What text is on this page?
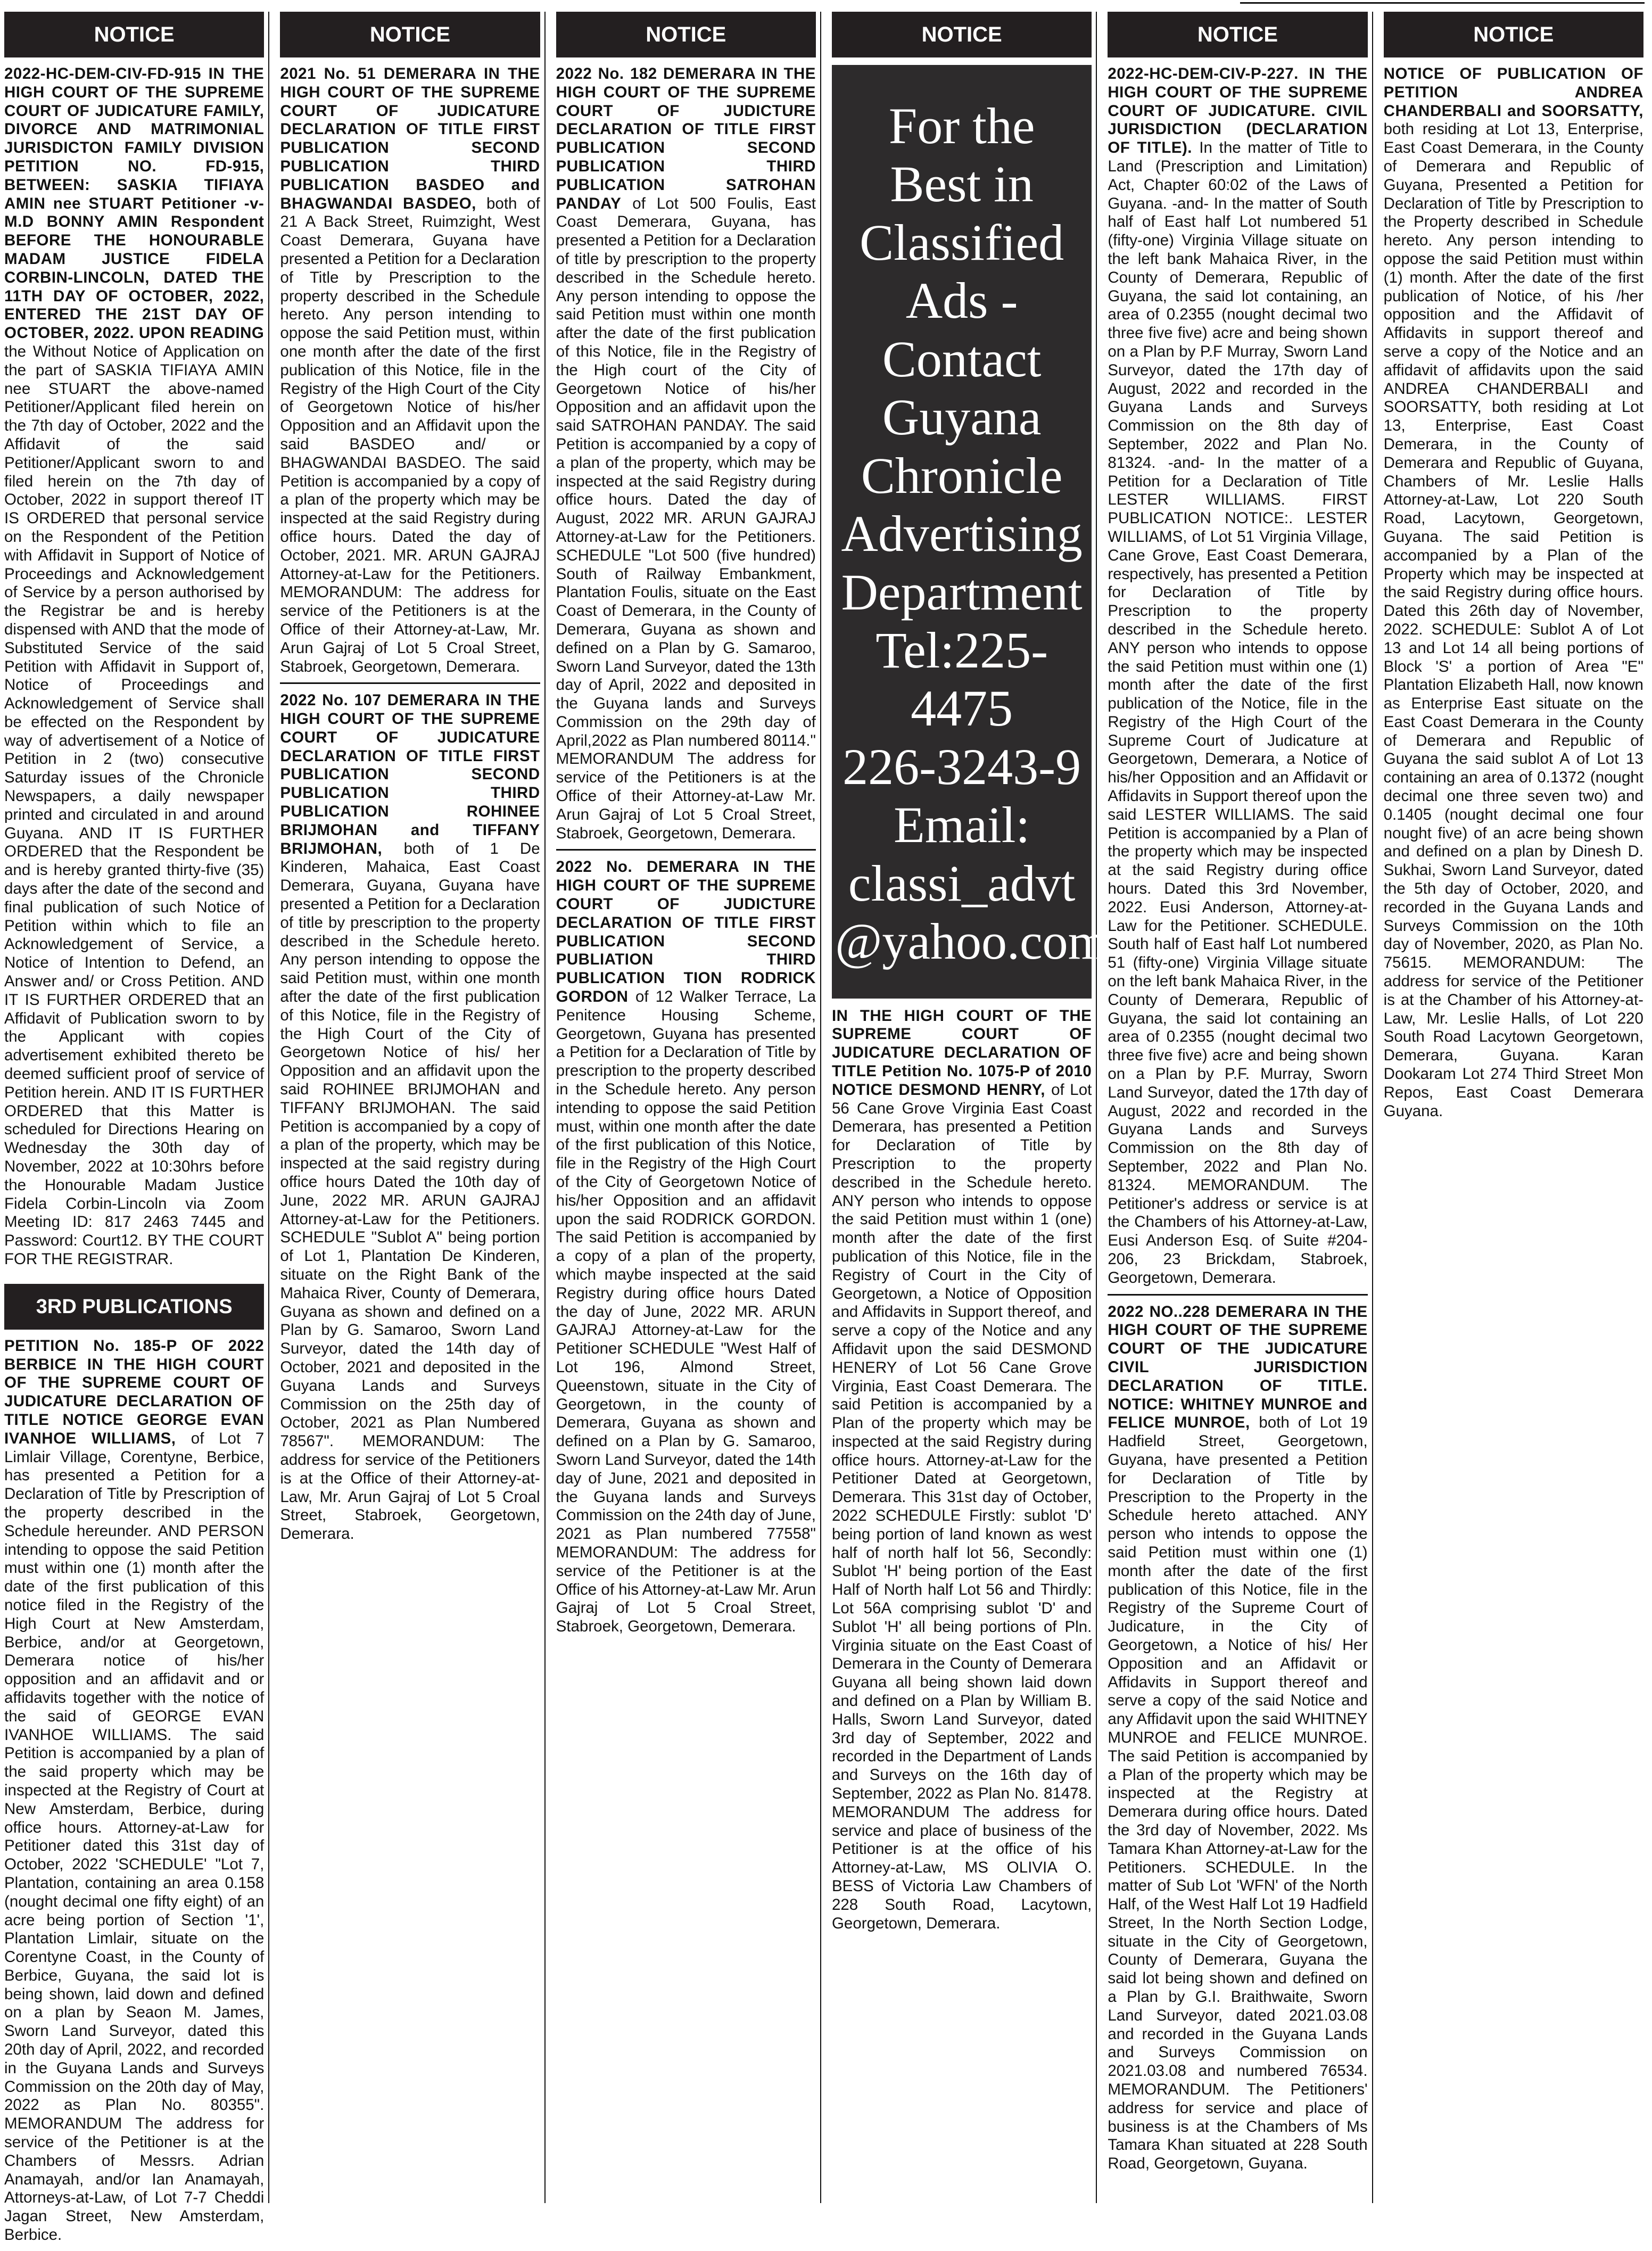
NOTICE
2022-HC-DEM-CIV-FD-915 IN THE HIGH COURT OF THE SUPREME COURT OF JUDICATURE FAMILY, DIVORCE AND MATRIMONIAL JURISDICTON FAMILY DIVISION PETITION NO. FD-915, BETWEEN: SASKIA TIFIAYA AMIN nee STUART Petitioner -v- M.D BONNY AMIN Respondent BEFORE THE HONOURABLE MADAM JUSTICE FIDELA CORBIN-LINCOLN, DATED THE 11TH DAY OF OCTOBER, 2022, ENTERED THE 21ST DAY OF OCTOBER, 2022. UPON READING the Without Notice of Application on the part of SASKIA TIFIAYA AMIN nee STUART the above-named Petitioner/Applicant filed herein on the 7th day of October, 2022 and the Affidavit of the said Petitioner/Applicant sworn to and filed herein on the 7th day of October, 2022 in support thereof IT IS ORDERED that personal service on the Respondent of the Petition with Affidavit in Support of Notice of Proceedings and Acknowledgement of Service by a person authorised by the Registrar be and is hereby dispensed with AND that the mode of Substituted Service of the said Petition with Affidavit in Support of, Notice of Proceedings and Acknowledgement of Service shall be effected on the Respondent by way of advertisement of a Notice of Petition in 2 (two) consecutive Saturday issues of the Chronicle Newspapers, a daily newspaper printed and circulated in and around Guyana. AND IT IS FURTHER ORDERED that the Respondent be and is hereby granted thirty-five (35) days after the date of the second and final publication of such Notice of Petition within which to file an Acknowledgement of Service, a Notice of Intention to Defend, an Answer and/ or Cross Petition. AND IT IS FURTHER ORDERED that an Affidavit of Publication sworn to by the Applicant with copies advertisement exhibited thereto be deemed sufficient proof of service of Petition herein. AND IT IS FURTHER ORDERED that this Matter is scheduled for Directions Hearing on Wednesday the 30th day of November, 2022 at 10:30hrs before the Honourable Madam Justice Fidela Corbin-Lincoln via Zoom Meeting ID: 817 2463 7445 and Password: Court12. BY THE COURT FOR THE REGISTRAR.
3RD PUBLICATIONS
PETITION No. 185-P OF 2022 BERBICE IN THE HIGH COURT OF THE SUPREME COURT OF JUDICATURE DECLARATION OF TITLE NOTICE GEORGE EVAN IVANHOE WILLIAMS, of Lot 7 Limlair Village, Corentyne, Berbice, has presented a Petition for a Declaration of Title by Prescription of the property described in the Schedule hereunder. AND PERSON intending to oppose the said Petition must within one (1) month after the date of the first publication of this notice filed in the Registry of the High Court at New Amsterdam, Berbice, and/or at Georgetown, Demerara notice of his/her opposition and an affidavit and or affidavits together with the notice of the said of GEORGE EVAN IVANHOE WILLIAMS. The said Petition is accompanied by a plan of the said property which may be inspected at the Registry of Court at New Amsterdam, Berbice, during office hours. Attorney-at-Law for Petitioner dated this 31st day of October, 2022 'SCHEDULE' "Lot 7, Plantation, containing an area 0.158 (nought decimal one fifty eight) of an acre being portion of Section '1', Plantation Limlair, situate on the Corentyne Coast, in the County of Berbice, Guyana, the said lot is being shown, laid down and defined on a plan by Seaon M. James, Sworn Land Surveyor, dated this 20th day of April, 2022, and recorded in the Guyana Lands and Surveys Commission on the 20th day of May, 2022 as Plan No. 80355". MEMORANDUM The address for service of the Petitioner is at the Chambers of Messrs. Adrian Anamayah, and/or Ian Anamayah, Attorneys-at-Law, of Lot 7-7 Cheddi Jagan Street, New Amsterdam, Berbice.
NOTICE
2021 No. 51 DEMERARA IN THE HIGH COURT OF THE SUPREME COURT OF JUDICATURE DECLARATION OF TITLE FIRST PUBLICATION SECOND PUBLICATION THIRD PUBLICATION BASDEO and BHAGWANDAI BASDEO, both of 21 A Back Street, Ruimzight, West Coast Demerara, Guyana have presented a Petition for a Declaration of Title by Prescription to the property described in the Schedule hereto. Any person intending to oppose the said Petition must, within one month after the date of the first publication of this Notice, file in the Registry of the High Court of the City of Georgetown Notice of his/her Opposition and an Affidavit upon the said BASDEO and/ or BHAGWANDAI BASDEO. The said Petition is accompanied by a copy of a plan of the property which may be inspected at the said Registry during office hours. Dated the day of October, 2021. MR. ARUN GAJRAJ Attorney-at-Law for the Petitioners. MEMORANDUM: The address for service of the Petitioners is at the Office of their Attorney-at-Law, Mr. Arun Gajraj of Lot 5 Croal Street, Stabroek, Georgetown, Demerara.
2022 No. 107 DEMERARA IN THE HIGH COURT OF THE SUPREME COURT OF JUDICATURE DECLARATION OF TITLE FIRST PUBLICATION SECOND PUBLICATION THIRD PUBLICATION ROHINEE BRIJMOHAN and TIFFANY BRIJMOHAN, both of 1 De Kinderen, Mahaica, East Coast Demerara, Guyana, Guyana have presented a Petition for a Declaration of title by prescription to the property described in the Schedule hereto. Any person intending to oppose the said Petition must, within one month after the date of the first publication of this Notice, file in the Registry of the High Court of the City of Georgetown Notice of his/ her Opposition and an affidavit upon the said ROHINEE BRIJMOHAN and TIFFANY BRIJMOHAN. The said Petition is accompanied by a copy of a plan of the property, which may be inspected at the said registry during office hours Dated the 10th day of June, 2022 MR. ARUN GAJRAJ Attorney-at-Law for the Petitioners. SCHEDULE "Sublot A" being portion of Lot 1, Plantation De Kinderen, situate on the Right Bank of the Mahaica River, County of Demerara, Guyana as shown and defined on a Plan by G. Samaroo, Sworn Land Surveyor, dated the 14th day of October, 2021 and deposited in the Guyana Lands and Surveys Commission on the 25th day of October, 2021 as Plan Numbered 78567". MEMORANDUM: The address for service of the Petitioners is at the Office of their Attorney-at-Law, Mr. Arun Gajraj of Lot 5 Croal Street, Stabroek, Georgetown, Demerara.
NOTICE
2022 No. 182 DEMERARA IN THE HIGH COURT OF THE SUPREME COURT OF JUDICTURE DECLARATION OF TITLE FIRST PUBLICATION SECOND PUBLICATION THIRD PUBLICATION SATROHAN PANDAY of Lot 500 Foulis, East Coast Demerara, Guyana, has presented a Petition for a Declaration of title by prescription to the property described in the Schedule hereto. Any person intending to oppose the said Petition must within one month after the date of the first publication of this Notice, file in the Registry of the High court of the City of Georgetown Notice of his/her Opposition and an affidavit upon the said SATROHAN PANDAY. The said Petition is accompanied by a copy of a plan of the property, which may be inspected at the said Registry during office hours. Dated the day of August, 2022 MR. ARUN GAJRAJ Attorney-at-Law for the Petitioners. SCHEDULE "Lot 500 (five hundred) South of Railway Embankment, Plantation Foulis, situate on the East Coast of Demerara, in the County of Demerara, Guyana as shown and defined on a Plan by G. Samaroo, Sworn Land Surveyor, dated the 13th day of April, 2022 and deposited in the Guyana lands and Surveys Commission on the 29th day of April,2022 as Plan numbered 80114." MEMORANDUM The address for service of the Petitioners is at the Office of their Attorney-at-Law Mr. Arun Gajraj of Lot 5 Croal Street, Stabroek, Georgetown, Demerara.
2022 No. DEMERARA IN THE HIGH COURT OF THE SUPREME COURT OF JUDICTURE DECLARATION OF TITLE FIRST PUBLICATION SECOND PUBLIATION THIRD PUBLICATION TION RODRICK GORDON of 12 Walker Terrace, La Penitence Housing Scheme, Georgetown, Guyana has presented a Petition for a Declaration of Title by prescription to the property described in the Schedule hereto. Any person intending to oppose the said Petition must, within one month after the date of the first publication of this Notice, file in the Registry of the High Court of the City of Georgetown Notice of his/her Opposition and an affidavit upon the said RODRICK GORDON. The said Petition is accompanied by a copy of a plan of the property, which maybe inspected at the said Registry during office hours Dated the day of June, 2022 MR. ARUN GAJRAJ Attorney-at-Law for the Petitioner SCHEDULE "West Half of Lot 196, Almond Street, Queenstown, situate in the City of Georgetown, in the county of Demerara, Guyana as shown and defined on a Plan by G. Samaroo, Sworn Land Surveyor, dated the 14th day of June, 2021 and deposited in the Guyana lands and Surveys Commission on the 24th day of June, 2021 as Plan numbered 77558" MEMORANDUM: The address for service of the Petitioner is at the Office of his Attorney-at-Law Mr. Arun Gajraj of Lot 5 Croal Street, Stabroek, Georgetown, Demerara.
NOTICE
For the
Best in
Classified
Ads -
Contact
Guyana
Chronicle
Advertising
Department
Tel:225-4475
226-3243-9
Email:
classi_advt
@yahoo.com
IN THE HIGH COURT OF THE SUPREME COURT OF JUDICATURE DECLARATION OF TITLE Petition No. 1075-P of 2010 NOTICE DESMOND HENRY, of Lot 56 Cane Grove Virginia East Coast Demerara, has presented a Petition for Declaration of Title by Prescription to the property described in the Schedule hereto. ANY person who intends to oppose the said Petition must within 1 (one) month after the date of the first publication of this Notice, file in the Registry of Court in the City of Georgetown, a Notice of Opposition and Affidavits in Support thereof, and serve a copy of the Notice and any Affidavit upon the said DESMOND HENERY of Lot 56 Cane Grove Virginia, East Coast Demerara. The said Petition is accompanied by a Plan of the property which may be inspected at the said Registry during office hours. Attorney-at-Law for the Petitioner Dated at Georgetown, Demerara. This 31st day of October, 2022 SCHEDULE Firstly: sublot 'D' being portion of land known as west half of north half lot 56, Secondly: Sublot 'H' being portion of the East Half of North half Lot 56 and Thirdly: Lot 56A comprising sublot 'D' and Sublot 'H' all being portions of Pln. Virginia situate on the East Coast of Demerara in the County of Demerara Guyana all being shown laid down and defined on a Plan by William B. Halls, Sworn Land Surveyor, dated 3rd day of September, 2022 and recorded in the Department of Lands and Surveys on the 16th day of September, 2022 as Plan No. 81478. MEMORANDUM The address for service and place of business of the Petitioner is at the office of his Attorney-at-Law, MS OLIVIA O. BESS of Victoria Law Chambers of 228 South Road, Lacytown, Georgetown, Demerara.
NOTICE
2022-HC-DEM-CIV-P-227. IN THE HIGH COURT OF THE SUPREME COURT OF JUDICATURE. CIVIL JURISDICTION (DECLARATION OF TITLE). In the matter of Title to Land (Prescription and Limitation) Act, Chapter 60:02 of the Laws of Guyana. -and- In the matter of South half of East half Lot numbered 51 (fifty-one) Virginia Village situate on the left bank Mahaica River, in the County of Demerara, Republic of Guyana, the said lot containing, an area of 0.2355 (nought decimal two three five five) acre and being shown on a Plan by P.F Murray, Sworn Land Surveyor, dated the 17th day of August, 2022 and recorded in the Guyana Lands and Surveys Commission on the 8th day of September, 2022 and Plan No. 81324. -and- In the matter of a Petition for a Declaration of Title LESTER WILLIAMS. FIRST PUBLICATION NOTICE:. LESTER WILLIAMS, of Lot 51 Virginia Village, Cane Grove, East Coast Demerara, respectively, has presented a Petition for Declaration of Title by Prescription to the property described in the Schedule hereto. ANY person who intends to oppose the said Petition must within one (1) month after the date of the first publication of the Notice, file in the Registry of the High Court of the Supreme Court of Judicature at Georgetown, Demerara, a Notice of his/her Opposition and an Affidavit or Affidavits in Support thereof upon the said LESTER WILLIAMS. The said Petition is accompanied by a Plan of the property which may be inspected at the said Registry during office hours. Dated this 3rd November, 2022. Eusi Anderson, Attorney-at-Law for the Petitioner. SCHEDULE. South half of East half Lot numbered 51 (fifty-one) Virginia Village situate on the left bank Mahaica River, in the County of Demerara, Republic of Guyana, the said lot containing an area of 0.2355 (nought decimal two three five five) acre and being shown on a Plan by P.F. Murray, Sworn Land Surveyor, dated the 17th day of August, 2022 and recorded in the Guyana Lands and Surveys Commission on the 8th day of September, 2022 and Plan No. 81324. MEMORANDUM. The Petitioner's address or service is at the Chambers of his Attorney-at-Law, Eusi Anderson Esq. of Suite #204-206, 23 Brickdam, Stabroek, Georgetown, Demerara.
2022 NO..228 DEMERARA IN THE HIGH COURT OF THE SUPREME COURT OF THE JUDICATURE CIVIL JURISDICTION DECLARATION OF TITLE. NOTICE: WHITNEY MUNROE and FELICE MUNROE, both of Lot 19 Hadfield Street, Georgetown, Guyana, have presented a Petition for Declaration of Title by Prescription to the Property in the Schedule hereto attached. ANY person who intends to oppose the said Petition must within one (1) month after the date of the first publication of this Notice, file in the Registry of the Supreme Court of Judicature, in the City of Georgetown, a Notice of his/ Her Opposition and an Affidavit or Affidavits in Support thereof and serve a copy of the said Notice and any Affidavit upon the said WHITNEY MUNROE and FELICE MUNROE. The said Petition is accompanied by a Plan of the property which may be inspected at the Registry at Demerara during office hours. Dated the 3rd day of November, 2022. Ms Tamara Khan Attorney-at-Law for the Petitioners. SCHEDULE. In the matter of Sub Lot 'WFN' of the North Half, of the West Half Lot 19 Hadfield Street, In the North Section Lodge, situate in the City of Georgetown, County of Demerara, Guyana the said lot being shown and defined on a Plan by G.I. Braithwaite, Sworn Land Surveyor, dated 2021.03.08 and recorded in the Guyana Lands and Surveys Commission on 2021.03.08 and numbered 76534. MEMORANDUM. The Petitioners' address for service and place of business is at the Chambers of Ms Tamara Khan situated at 228 South Road, Georgetown, Guyana.
NOTICE
NOTICE OF PUBLICATION OF PETITION ANDREA CHANDERBALI and SOORSATTY, both residing at Lot 13, Enterprise, East Coast Demerara, in the County of Demerara and Republic of Guyana, Presented a Petition for Declaration of Title by Prescription to the Property described in Schedule hereto. Any person intending to oppose the said Petition must within (1) month. After the date of the first publication of Notice, of his /her opposition and the Affidavit of Affidavits in support thereof and serve a copy of the Notice and an affidavit of affidavits upon the said ANDREA CHANDERBALI and SOORSATTY, both residing at Lot 13, Enterprise, East Coast Demerara, in the County of Demerara and Republic of Guyana, Chambers of Mr. Leslie Halls Attorney-at-Law, Lot 220 South Road, Lacytown, Georgetown, Guyana. The said Petition is accompanied by a Plan of the Property which may be inspected at the said Registry during office hours. Dated this 26th day of November, 2022. SCHEDULE: Sublot A of Lot 13 and Lot 14 all being portions of Block 'S' a portion of Area "E" Plantation Elizabeth Hall, now known as Enterprise East situate on the East Coast Demerara in the County of Demerara and Republic of Guyana the said sublot A of Lot 13 containing an area of 0.1372 (nought decimal one three seven two) and 0.1405 (nought decimal one four nought five) of an acre being shown and defined on a plan by Dinesh D. Sukhai, Sworn Land Surveyor, dated the 5th day of October, 2020, and recorded in the Guyana Lands and Surveys Commission on the 10th day of November, 2020, as Plan No. 75615. MEMORANDUM: The address for service of the Petitioner is at the Chamber of his Attorney-at-Law, Mr. Leslie Halls, of Lot 220 South Road Lacytown Georgetown, Demerara, Guyana. Karan Dookaram Lot 274 Third Street Mon Repos, East Coast Demerara Guyana.
